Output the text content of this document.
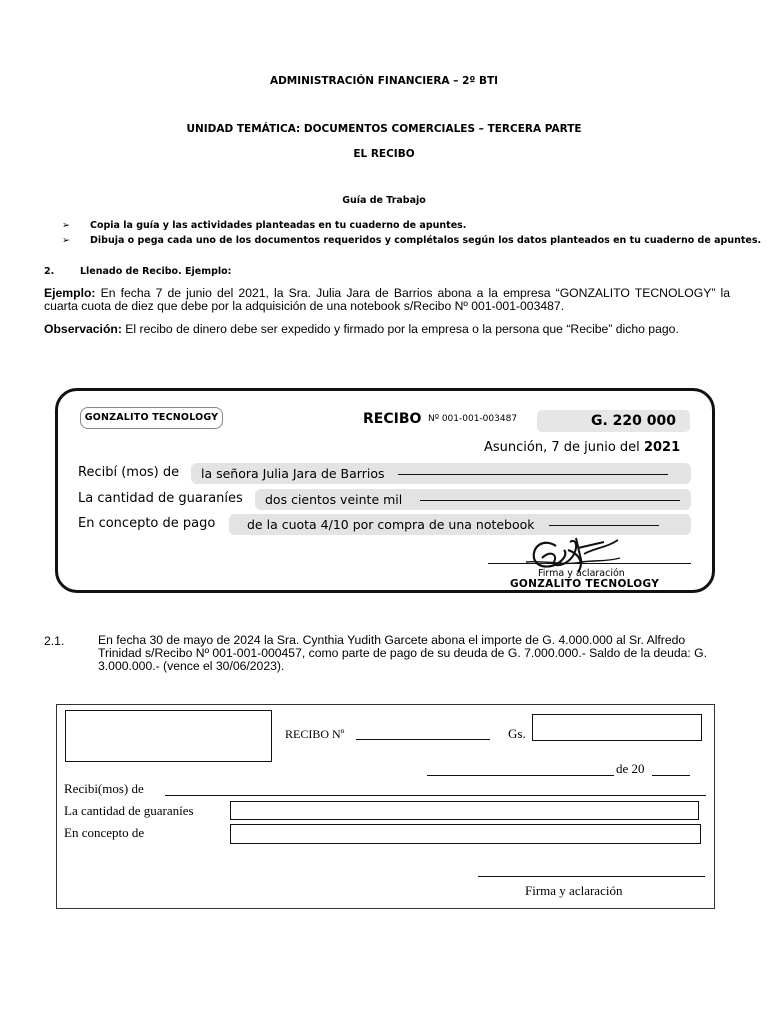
ADMINISTRACIÓN FINANCIERA – 2º BTI
UNIDAD TEMÁTICA: DOCUMENTOS COMERCIALES – TERCERA PARTE
EL RECIBO
Guía de Trabajo
➢ Copia la guía y las actividades planteadas en tu cuaderno de apuntes.
➢ Dibuja o pega cada uno de los documentos requeridos y complétalos según los datos planteados en tu cuaderno de apuntes.
2.	Llenado de Recibo. Ejemplo:
Ejemplo: En fecha 7 de junio del 2021, la Sra. Julia Jara de Barrios abona a la empresa “GONZALITO TECNOLOGY” la cuarta cuota de diez que debe por la adquisición de una notebook s/Recibo Nº 001-001-003487.
Observación: El recibo de dinero debe ser expedido y firmado por la empresa o la persona que “Recibe” dicho pago.
GONZALITO TECNOLOGY	RECIBO Nº 001-001-003487	G. 220 000
Asunción, 7 de junio del 2021
Recibí (mos) de	la señora Julia Jara de Barrios
La cantidad de guaraníes	dos cientos veinte mil
En concepto de pago	de la cuota 4/10 por compra de una notebook
Firma y aclaración
GONZALITO TECNOLOGY
2.1.	En fecha 30 de mayo de 2024 la Sra. Cynthia Yudith Garcete abona el importe de G. 4.000.000 al Sr. Alfredo Trinidad s/Recibo Nº 001-001-000457, como parte de pago de su deuda de G. 7.000.000.- Saldo de la deuda: G. 3.000.000.- (vence el 30/06/2023).
RECIBO Nº	Gs.
de 20
Recibi(mos) de
La cantidad de guaraníes
En concepto de
Firma y aclaración
